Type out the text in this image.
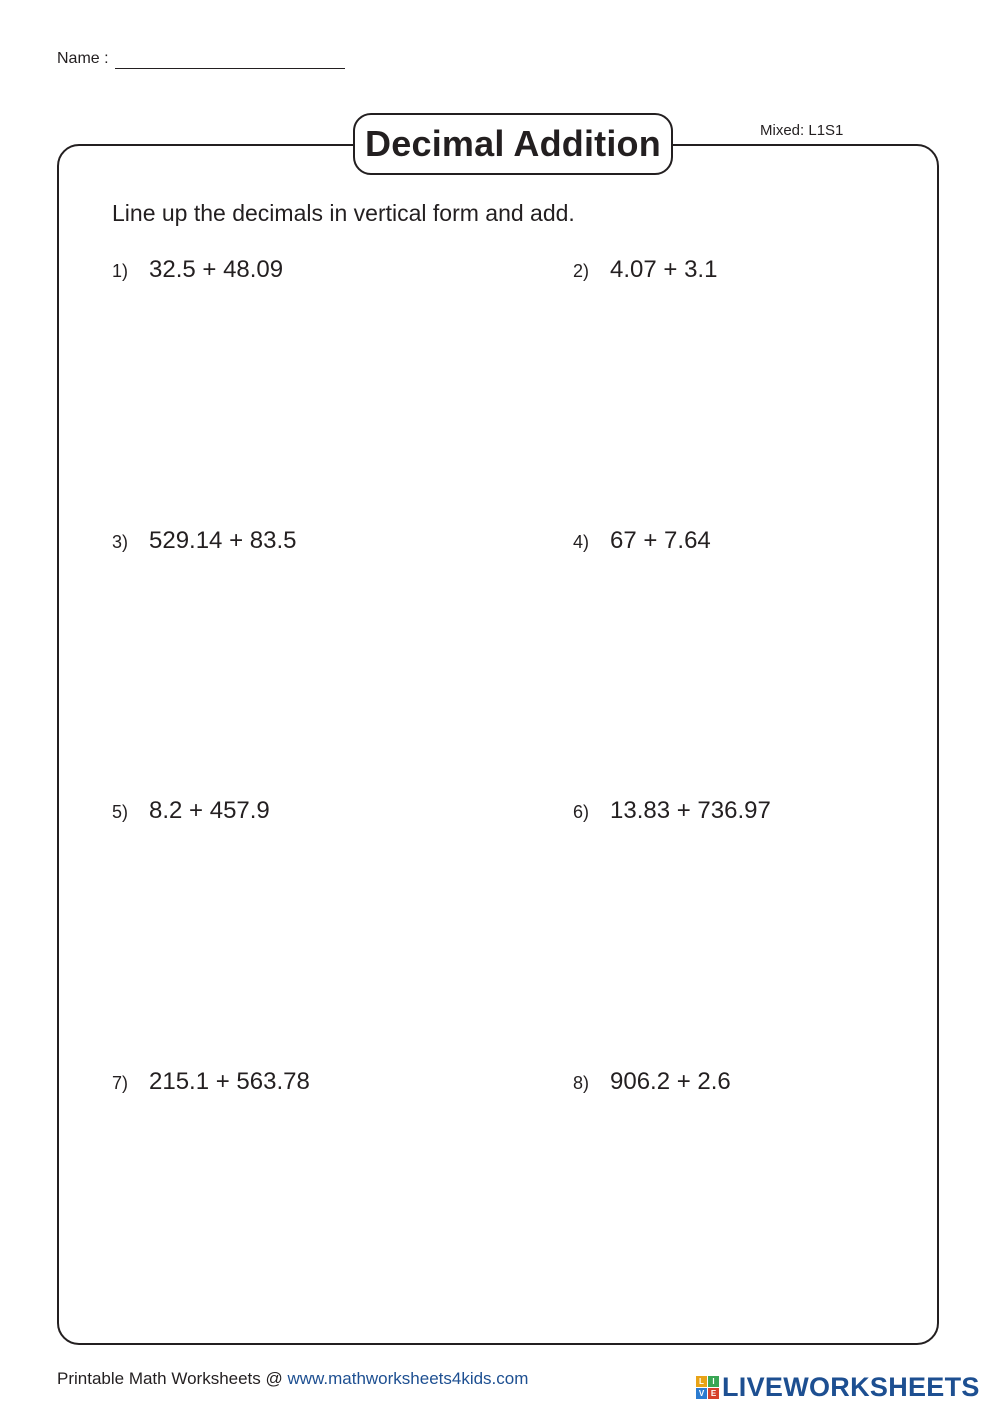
Name :
Decimal Addition	Mixed: L1S1
Line up the decimals in vertical form and add.
1) 32.5 + 48.09	2) 4.07 + 3.1
3) 529.14 + 83.5	4) 67 + 7.64
5) 8.2 + 457.9	6) 13.83 + 736.97
7) 215.1 + 563.78	8) 906.2 + 2.6
Printable Math Worksheets @ www.mathworksheets4kids.com	L	I
V E LIVEWORKSHEETS
